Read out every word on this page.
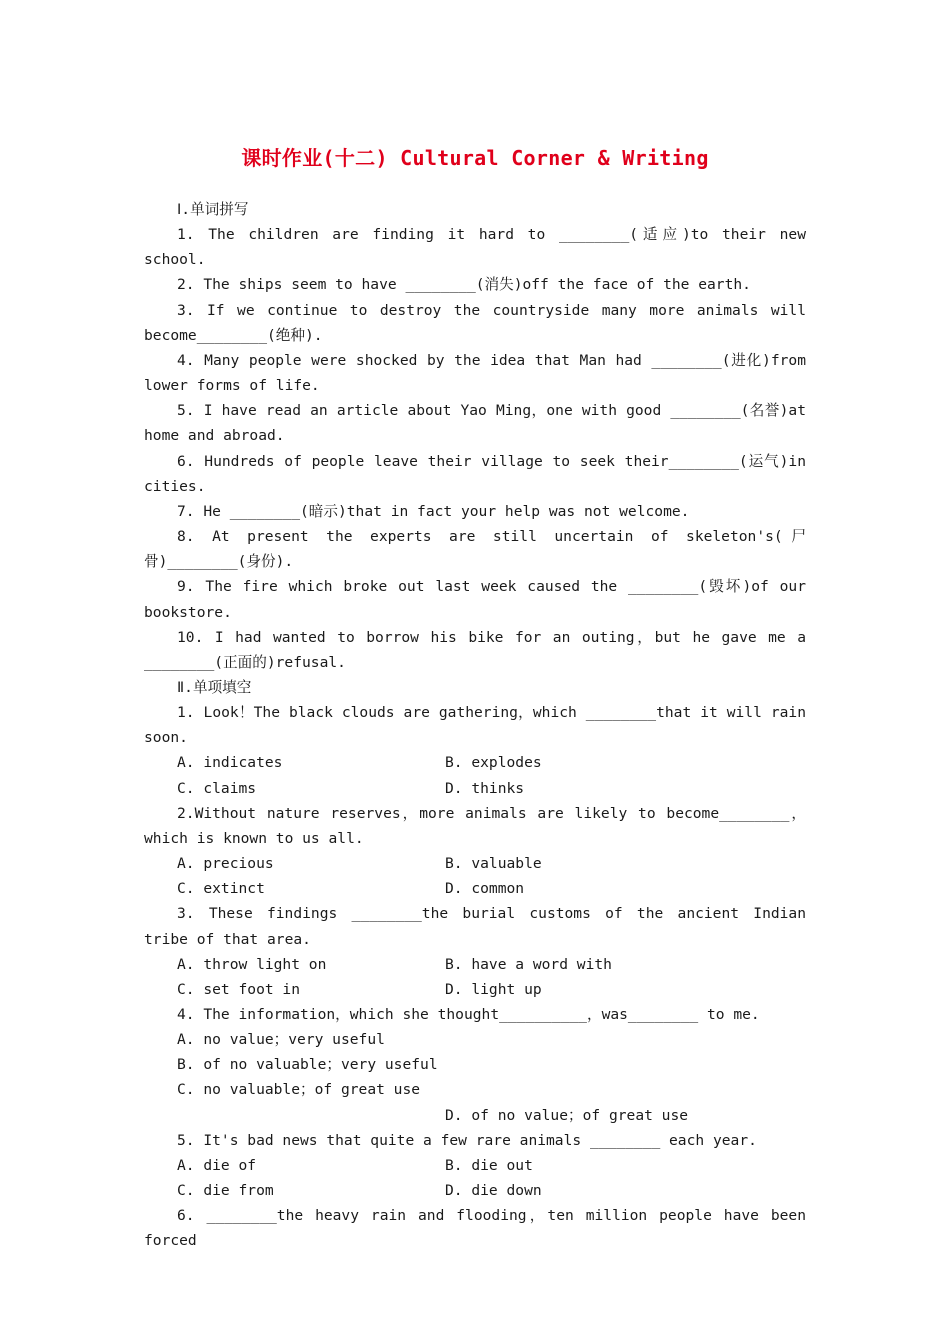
课时作业(十二) Cultural Corner & Writing
Ⅰ.单词拼写
1. The children are finding it hard to ________(适应)to their new school.
2. The ships seem to have ________(消失)off the face of the earth.
3. If we continue to destroy the countryside many more animals will become________(绝种).
4. Many people were shocked by the idea that Man had ________(进化)from lower forms of life.
5. I have read an article about Yao Ming，one with good ________(名誉)at home and abroad.
6. Hundreds of people leave their village to seek their________(运气)in cities.
7. He ________(暗示)that in fact your help was not welcome.
8. At present the experts are still uncertain of skeleton's(尸骨)________(身份).
9. The fire which broke out last week caused the ________(毁坏)of our bookstore.
10. I had wanted to borrow his bike for an outing，but he gave me a ________(正面的)refusal.
Ⅱ.单项填空
1. Look！The black clouds are gathering，which ________that it will rain soon.
A. indicates	B. explodes
C. claims	D. thinks
2.Without nature reserves，more animals are likely to become________，which is known to us all.
A. precious	B. valuable
C. extinct	D. common
3. These findings ________the burial customs of the ancient Indian tribe of that area.
A. throw light on	B. have a word with
C. set foot in	D. light up
4. The information，which she thought__________，was________ to me.
A. no value；very useful
B. of no valuable；very useful
C. no valuable；of great use
D. of no value；of great use
5. It's bad news that quite a few rare animals ________ each year.
A. die of	B. die out
C. die from	D. die down
6. ________the heavy rain and flooding，ten million people have been forced
